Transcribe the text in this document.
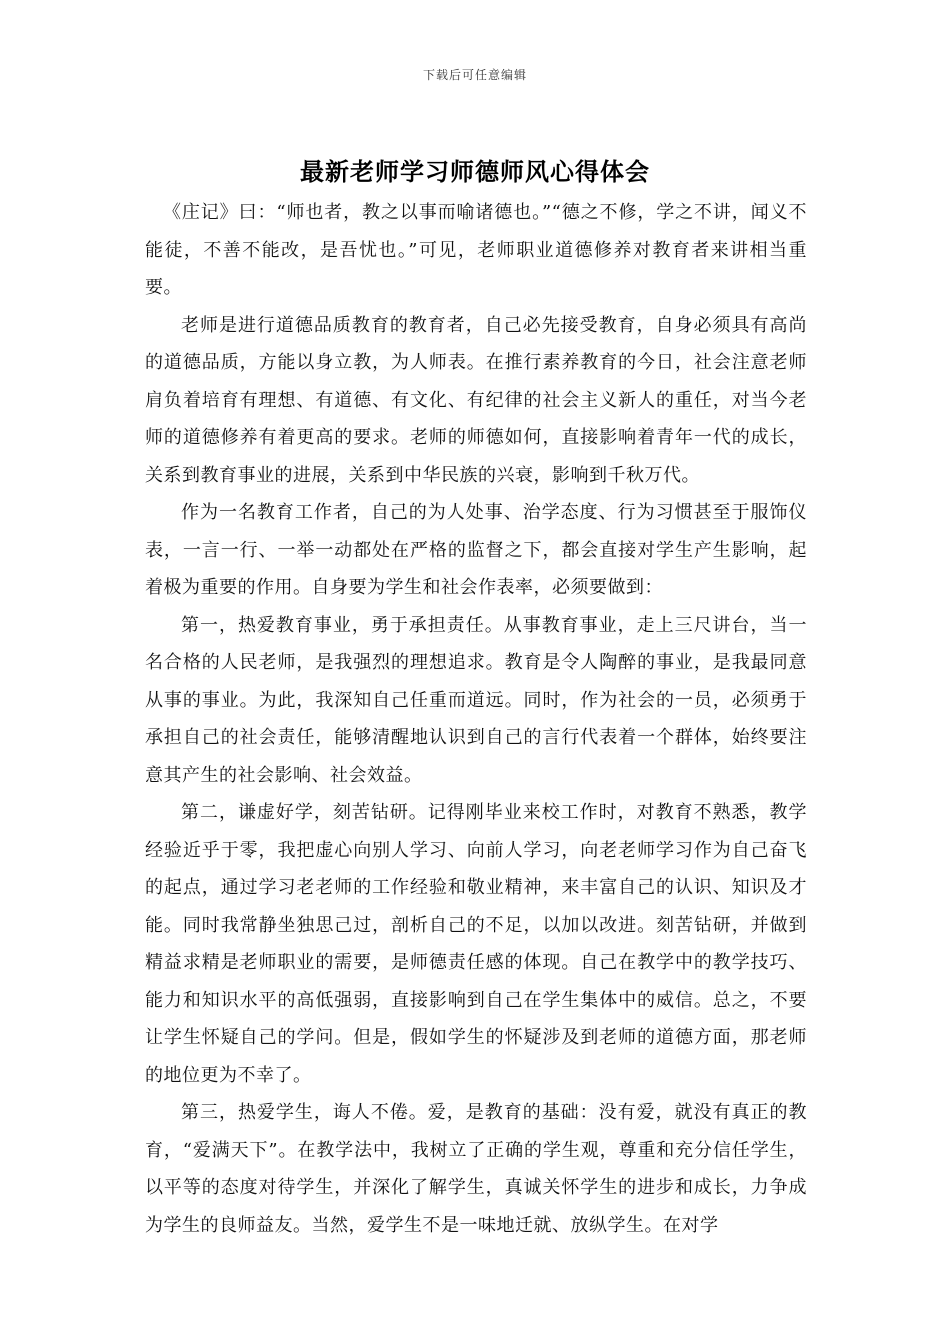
下载后可任意编辑
最新老师学习师德师风心得体会

《庄记》曰：“师也者，教之以事而喻诸德也。”“德之不修，学之不讲，闻义不能徒，不善不能改，是吾忧也。”可见，老师职业道德修养对教育者来讲相当重要。

老师是进行道德品质教育的教育者，自己必先接受教育，自身必须具有高尚的道德品质，方能以身立教，为人师表。在推行素养教育的今日，社会注意老师肩负着培育有理想、有道德、有文化、有纪律的社会主义新人的重任，对当今老师的道德修养有着更高的要求。老师的师德如何，直接影响着青年一代的成长，关系到教育事业的进展，关系到中华民族的兴衰，影响到千秋万代。

作为一名教育工作者，自己的为人处事、治学态度、行为习惯甚至于服饰仪表，一言一行、一举一动都处在严格的监督之下，都会直接对学生产生影响，起着极为重要的作用。自身要为学生和社会作表率，必须要做到：

第一，热爱教育事业，勇于承担责任。从事教育事业，走上三尺讲台，当一名合格的人民老师，是我强烈的理想追求。教育是令人陶醉的事业，是我最同意从事的事业。为此，我深知自己任重而道远。同时，作为社会的一员，必须勇于承担自己的社会责任，能够清醒地认识到自己的言行代表着一个群体，始终要注意其产生的社会影响、社会效益。

第二，谦虚好学，刻苦钻研。记得刚毕业来校工作时，对教育不熟悉，教学经验近乎于零，我把虚心向别人学习、向前人学习，向老老师学习作为自己奋飞的起点，通过学习老老师的工作经验和敬业精神，来丰富自己的认识、知识及才能。同时我常静坐独思己过，剖析自己的不足，以加以改进。刻苦钻研，并做到精益求精是老师职业的需要，是师德责任感的体现。自己在教学中的教学技巧、能力和知识水平的高低强弱，直接影响到自己在学生集体中的威信。总之，不要让学生怀疑自己的学问。但是，假如学生的怀疑涉及到老师的道德方面，那老师的地位更为不幸了。

第三，热爱学生，诲人不倦。爱，是教育的基础：没有爱，就没有真正的教育，“爱满天下”。在教学法中，我树立了正确的学生观，尊重和充分信任学生，以平等的态度对待学生，并深化了解学生，真诚关怀学生的进步和成长，力争成为学生的良师益友。当然，爱学生不是一味地迁就、放纵学生。在对学
